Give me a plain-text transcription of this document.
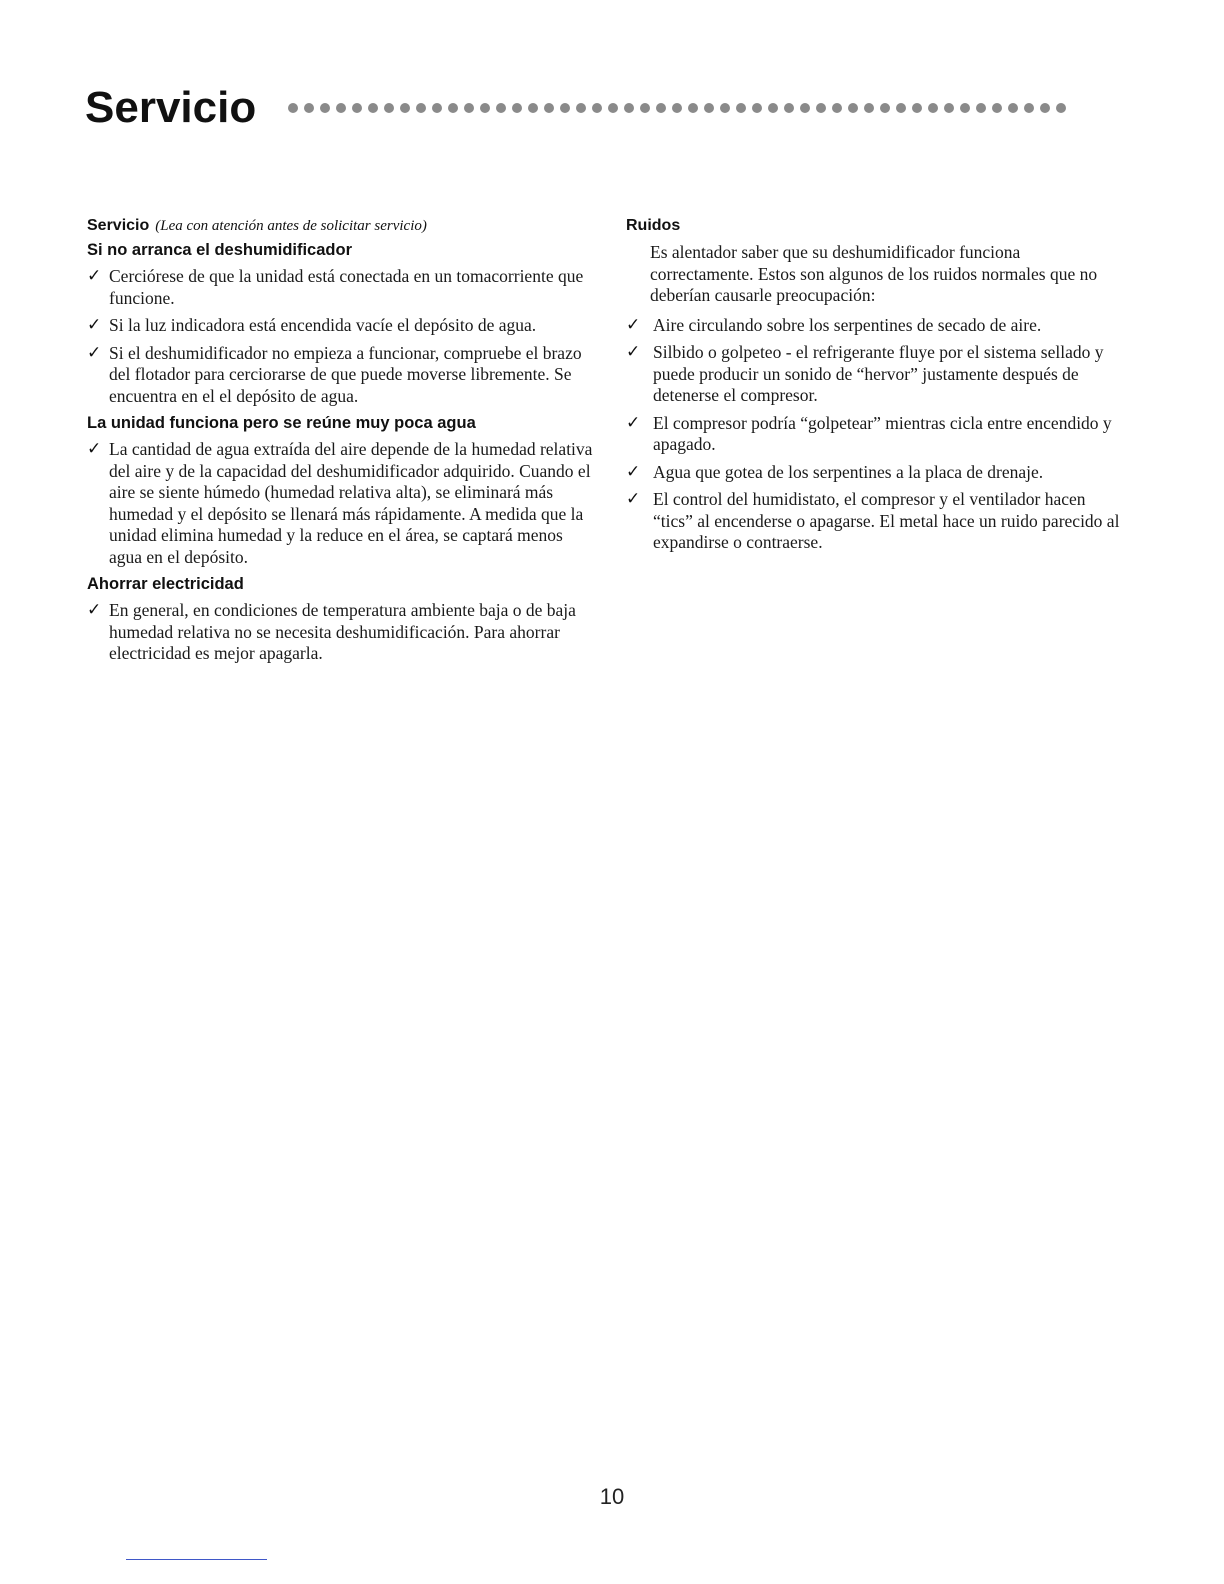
Servicio
Servicio (Lea con atención antes de solicitar servicio)
Si no arranca el deshumidificador
✓ Cerciórese de que la unidad está conectada en un tomacorriente que funcione.
✓ Si la luz indicadora está encendida vacíe el depósito de agua.
✓ Si el deshumidificador no empieza a funcionar, compruebe el brazo del flotador para cerciorarse de que puede moverse libremente. Se encuentra en el el depósito de agua.
La unidad funciona pero se reúne muy poca agua
✓ La cantidad de agua extraída del aire depende de la humedad relativa del aire y de la capacidad del deshumidificador adquirido. Cuando el aire se siente húmedo (humedad relativa alta), se eliminará más humedad y el depósito se llenará más rápidamente. A medida que la unidad elimina humedad y la reduce en el área, se captará menos agua en el depósito.
Ahorrar electricidad
✓ En general, en condiciones de temperatura ambiente baja o de baja humedad relativa no se necesita deshumidificación. Para ahorrar electricidad es mejor apagarla.
Ruidos

Es alentador saber que su deshumidificador funciona correctamente. Estos son algunos de los ruidos normales que no deberían causarle preocupación:

✓ Aire circulando sobre los serpentines de secado de aire.
✓ Silbido o golpeteo - el refrigerante fluye por el sistema sellado y puede producir un sonido de “hervor” justamente después de detenerse el compresor.
✓ El compresor podría “golpetear” mientras cicla entre encendido y apagado.
✓ Agua que gotea de los serpentines a la placa de drenaje.
✓ El control del humidistato, el compresor y el ventilador hacen “tics” al encenderse o apagarse. El metal hace un ruido parecido al expandirse o contraerse.
10
